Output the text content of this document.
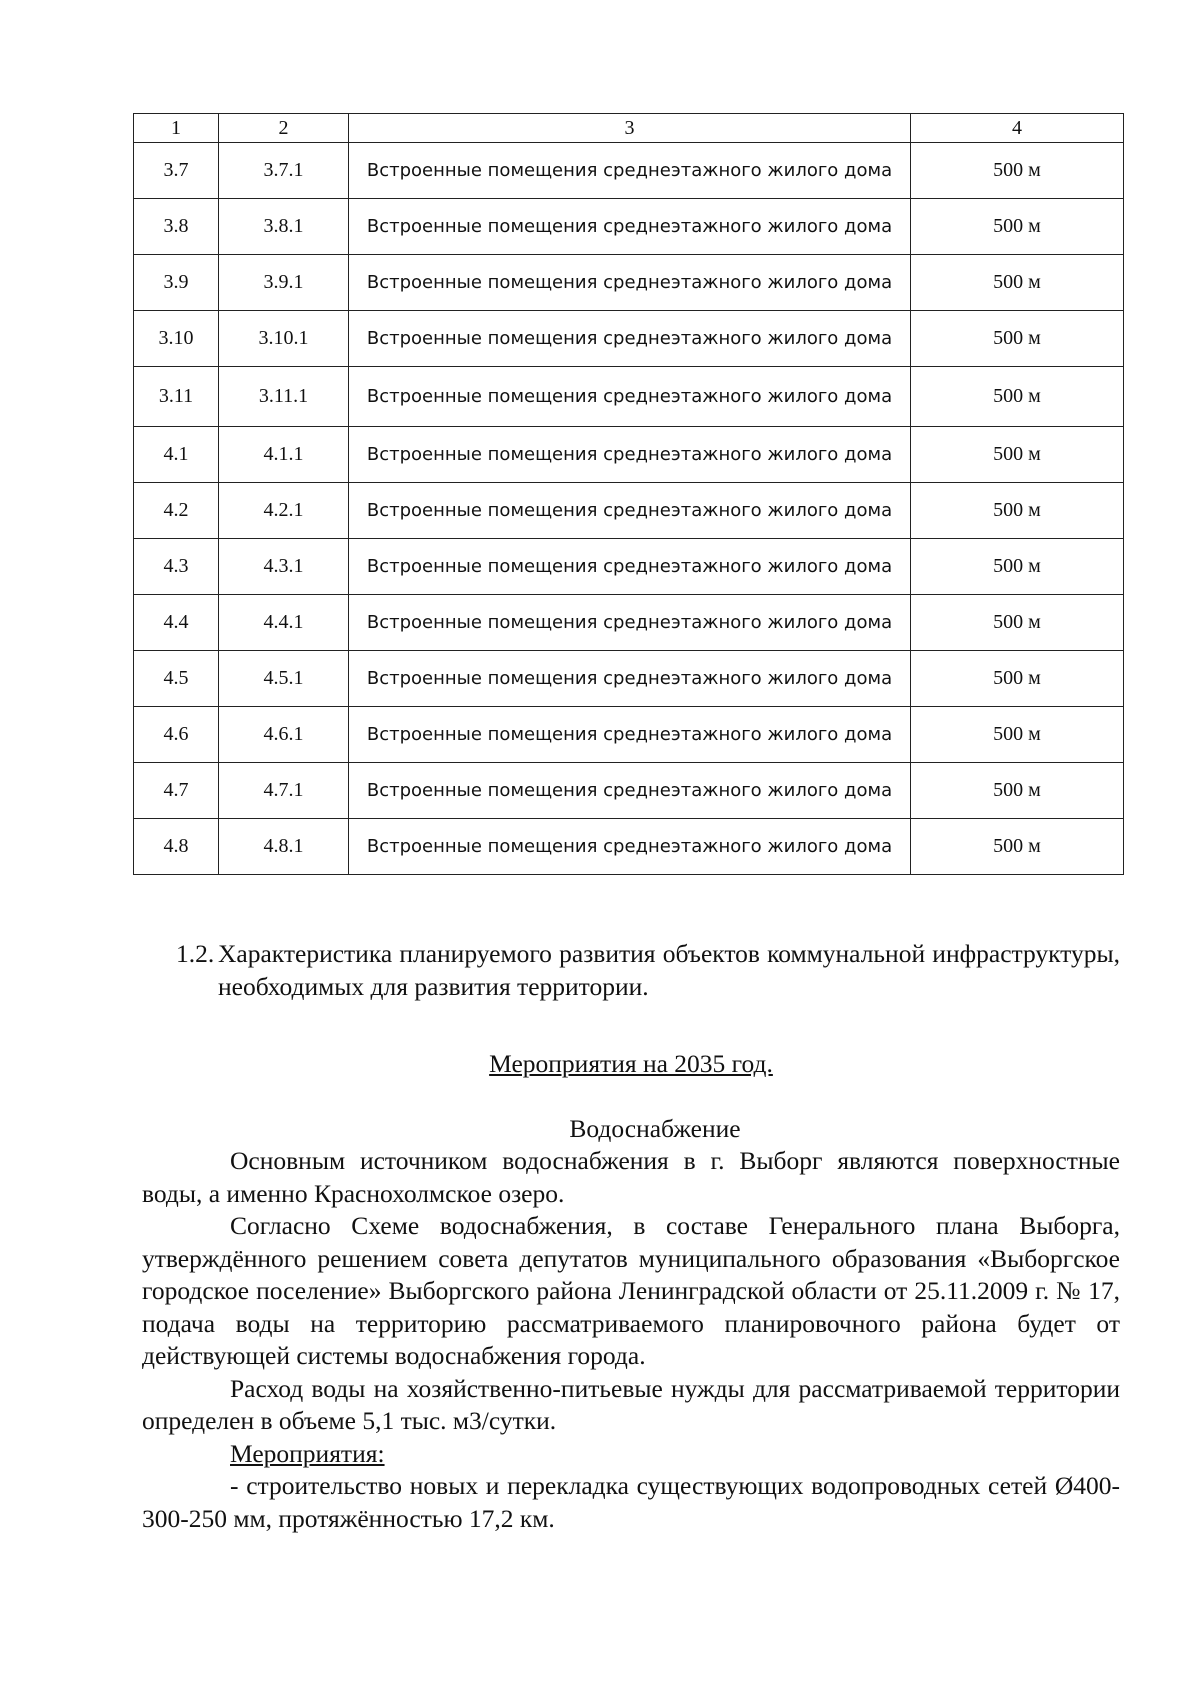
1	2	3	4
3.7	3.7.1	Встроенные помещения среднеэтажного жилого дома	500 м
3.8	3.8.1	Встроенные помещения среднеэтажного жилого дома	500 м
3.9	3.9.1	Встроенные помещения среднеэтажного жилого дома	500 м
3.10	3.10.1	Встроенные помещения среднеэтажного жилого дома	500 м
3.11	3.11.1	Встроенные помещения среднеэтажного жилого дома	500 м
4.1	4.1.1	Встроенные помещения среднеэтажного жилого дома	500 м
4.2	4.2.1	Встроенные помещения среднеэтажного жилого дома	500 м
4.3	4.3.1	Встроенные помещения среднеэтажного жилого дома	500 м
4.4	4.4.1	Встроенные помещения среднеэтажного жилого дома	500 м
4.5	4.5.1	Встроенные помещения среднеэтажного жилого дома	500 м
4.6	4.6.1	Встроенные помещения среднеэтажного жилого дома	500 м
4.7	4.7.1	Встроенные помещения среднеэтажного жилого дома	500 м
4.8	4.8.1	Встроенные помещения среднеэтажного жилого дома	500 м
1.2. Характеристика планируемого развития объектов коммунальной инфраструктуры, необходимых для развития территории.
Мероприятия на 2035 год.
Водоснабжение
Основным источником водоснабжения в г. Выборг являются поверхностные воды, а именно Краснохолмское озеро.
Согласно Схеме водоснабжения, в составе Генерального плана Выборга, утверждённого решением совета депутатов муниципального образования «Выборгское городское поселение» Выборгского района Ленинградской области от 25.11.2009 г. № 17, подача воды на территорию рассматриваемого планировочного района будет от действующей системы водоснабжения города.
Расход воды на хозяйственно-питьевые нужды для рассматриваемой территории определен в объеме 5,1 тыс. м3/сутки.
Мероприятия:
- строительство новых и перекладка существующих водопроводных сетей Ø400-300-250 мм, протяжённостью 17,2 км.
